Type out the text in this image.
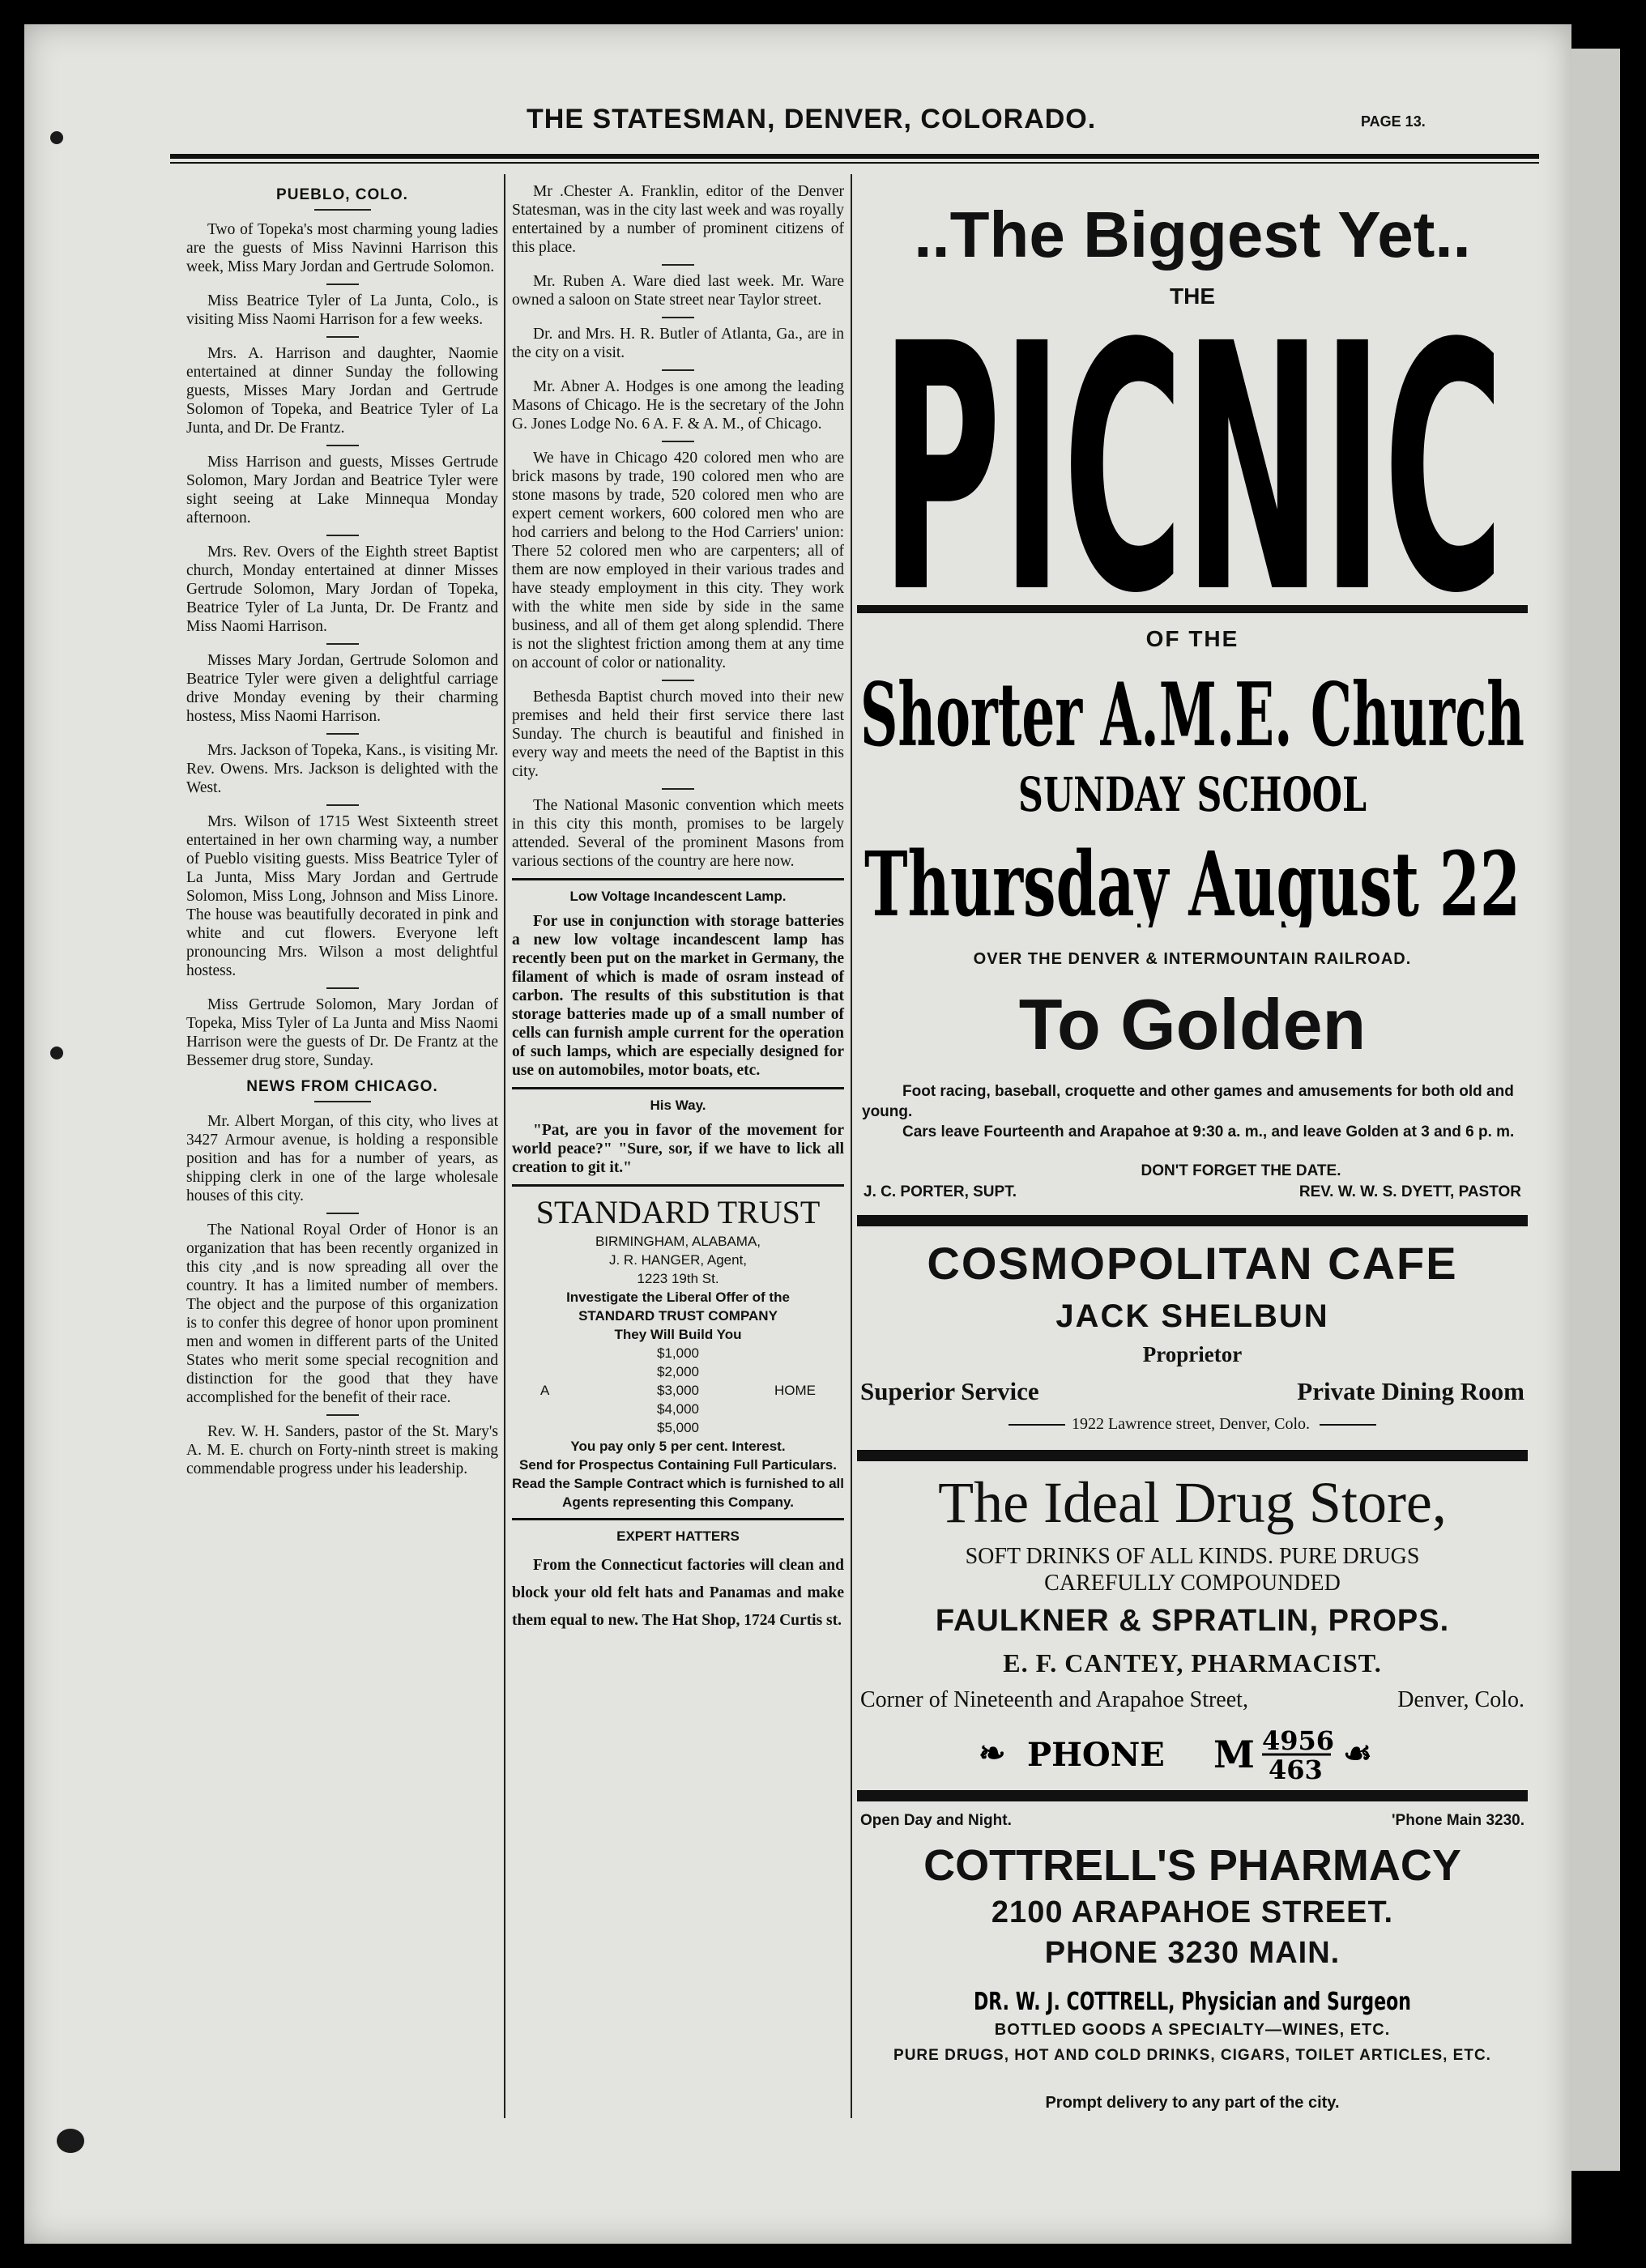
THE STATESMAN, DENVER, COLORADO.	PAGE 13.
PUEBLO, COLO.

Two of Topeka's most charming young ladies are the guests of Miss Navinni Harrison this week, Miss Mary Jordan and Gertrude Solomon.

Miss Beatrice Tyler of La Junta, Colo., is visiting Miss Naomi Harrison for a few weeks.

Mrs. A. Harrison and daughter, Naomie entertained at dinner Sunday the following guests, Misses Mary Jordan and Gertrude Solomon of Topeka, and Beatrice Tyler of La Junta, and Dr. De Frantz.

Miss Harrison and guests, Misses Gertrude Solomon, Mary Jordan and Beatrice Tyler were sight seeing at Lake Minnequa Monday afternoon.

Mrs. Rev. Overs of the Eighth street Baptist church, Monday entertained at dinner Misses Gertrude Solomon, Mary Jordan of Topeka, Beatrice Tyler of La Junta, Dr. De Frantz and Miss Naomi Harrison.

Misses Mary Jordan, Gertrude Solomon and Beatrice Tyler were given a delightful carriage drive Monday evening by their charming hostess, Miss Naomi Harrison.

Mrs. Jackson of Topeka, Kans., is visiting Mr. Rev. Owens. Mrs. Jackson is delighted with the West.

Mrs. Wilson of 1715 West Sixteenth street entertained in her own charming way, a number of Pueblo visiting guests. Miss Beatrice Tyler of La Junta, Miss Mary Jordan and Gertrude Solomon, Miss Long, Johnson and Miss Linore. The house was beautifully decorated in pink and white and cut flowers. Everyone left pronouncing Mrs. Wilson a most delightful hostess.

Miss Gertrude Solomon, Mary Jordan of Topeka, Miss Tyler of La Junta and Miss Naomi Harrison were the guests of Dr. De Frantz at the Bessemer drug store, Sunday.

NEWS FROM CHICAGO.

Mr. Albert Morgan, of this city, who lives at 3427 Armour avenue, is holding a responsible position and has for a number of years, as shipping clerk in one of the large wholesale houses of this city.

The National Royal Order of Honor is an organization that has been recently organized in this city ,and is now spreading all over the country. It has a limited number of members. The object and the purpose of this organization is to confer this degree of honor upon prominent men and women in different parts of the United States who merit some special recognition and distinction for the good that they have accomplished for the benefit of their race.

Rev. W. H. Sanders, pastor of the St. Mary's A. M. E. church on Forty-ninth street is making commendable progress under his leadership.

Mr .Chester A. Franklin, editor of the Denver Statesman, was in the city last week and was royally entertained by a number of prominent citizens of this place.

Mr. Ruben A. Ware died last week. Mr. Ware owned a saloon on State street near Taylor street.

Dr. and Mrs. H. R. Butler of Atlanta, Ga., are in the city on a visit.

Mr. Abner A. Hodges is one among the leading Masons of Chicago. He is the secretary of the John G. Jones Lodge No. 6 A. F. & A. M., of Chicago.

We have in Chicago 420 colored men who are brick masons by trade, 190 colored men who are stone masons by trade, 520 colored men who are expert cement workers, 600 colored men who are hod carriers and belong to the Hod Carriers' union: There 52 colored men who are carpenters; all of them are now employed in their various trades and have steady employment in this city. They work with the white men side by side in the same business, and all of them get along splendid. There is not the slightest friction among them at any time on account of color or nationality.

Bethesda Baptist church moved into their new premises and held their first service there last Sunday. The church is beautiful and finished in every way and meets the need of the Baptist in this city.

The National Masonic convention which meets in this city this month, promises to be largely attended. Several of the prominent Masons from various sections of the country are here now.

Low Voltage Incandescent Lamp.

For use in conjunction with storage batteries a new low voltage incandescent lamp has recently been put on the market in Germany, the filament of which is made of osram instead of carbon. The results of this substitution is that storage batteries made up of a small number of cells can furnish ample current for the operation of such lamps, which are especially designed for use on automobiles, motor boats, etc.

His Way.

"Pat, are you in favor of the movement for world peace?" "Sure, sor, if we have to lick all creation to git it."

STANDARD TRUST
BIRMINGHAM, ALABAMA,
J. R. HANGER, Agent,
1223 19th St.
Investigate the Liberal Offer of the
STANDARD TRUST COMPANY
They Will Build You
A
$1,000
$2,000
$3,000
$4,000
$5,000
HOME
You pay only 5 per cent. Interest.
Send for Prospectus Containing Full Particulars.
Read the Sample Contract which is furnished to all Agents representing this Company.
EXPERT HATTERS

From the Connecticut factories will clean and block your old felt hats and Panamas and make them equal to new. The Hat Shop, 1724 Curtis st.

..The Biggest Yet..
THE
PICNIC
OF THE
Shorter A.M.E. Church
SUNDAY SCHOOL
Thursday August 22
OVER THE DENVER & INTERMOUNTAIN RAILROAD.
To Golden
Foot racing, baseball, croquette and other games and amusements for both old and young.
Cars leave Fourteenth and Arapahoe at 9:30 a. m., and leave Golden at 3 and 6 p. m.
DON'T FORGET THE DATE.
J. C. PORTER, SUPT.	REV. W. W. S. DYETT, PASTOR
COSMOPOLITAN CAFE
JACK SHELBUN
Proprietor
Superior Service	Private Dining Room
1922 Lawrence street, Denver, Colo.
The Ideal Drug Store,
SOFT DRINKS OF ALL KINDS. PURE DRUGS
CAREFULLY COMPOUNDED
FAULKNER & SPRATLIN, PROPS.
E. F. CANTEY, PHARMACIST.
Corner of Nineteenth and Arapahoe Street,	Denver, Colo.
❧ PHONE M 4956
463 ☙
Open Day and Night.	'Phone Main 3230.
COTTRELL'S PHARMACY
2100 ARAPAHOE STREET.
PHONE 3230 MAIN.
DR. W. J. COTTRELL, Physician and Surgeon
BOTTLED GOODS A SPECIALTY—WINES, ETC.
PURE DRUGS, HOT AND COLD DRINKS, CIGARS, TOILET ARTICLES, ETC.
Prompt delivery to any part of the city.
